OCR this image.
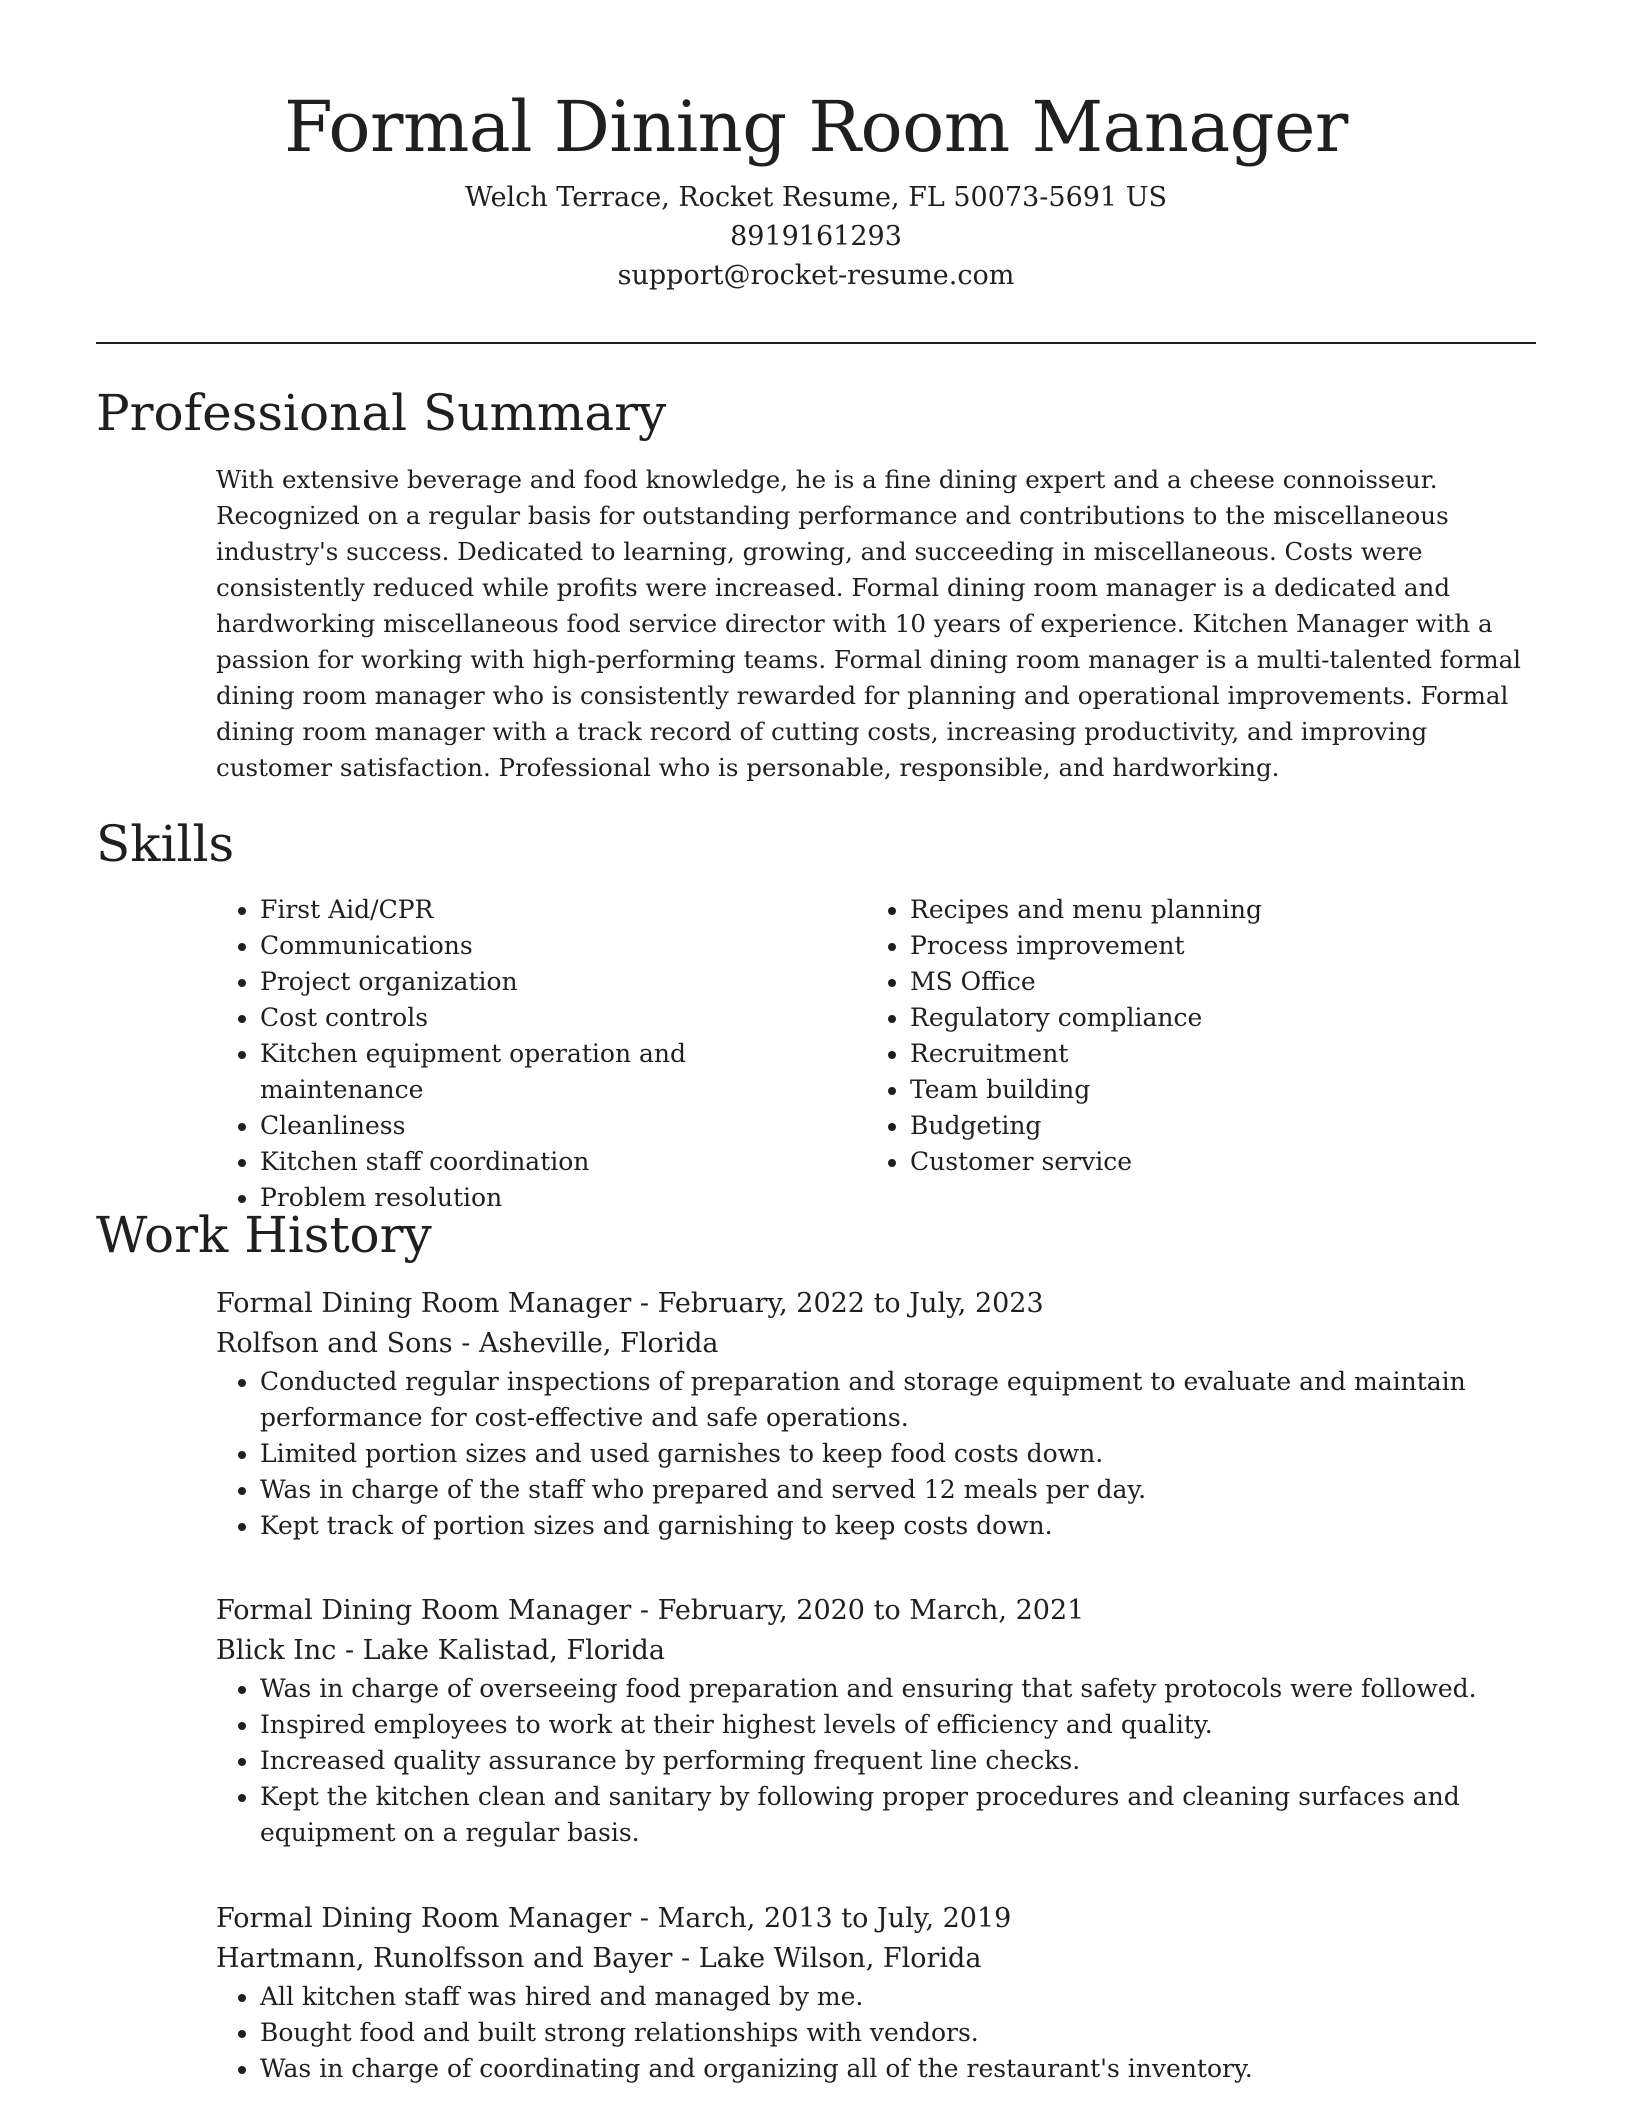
Formal Dining Room Manager

Welch Terrace, Rocket Resume, FL 50073-5691 US

8919161293

support@rocket-resume.com

Professional Summary

With extensive beverage and food knowledge, he is a fine dining expert and a cheese connoisseur. Recognized on a regular basis for outstanding performance and contributions to the miscellaneous industry's success. Dedicated to learning, growing, and succeeding in miscellaneous. Costs were consistently reduced while profits were increased. Formal dining room manager is a dedicated and hardworking miscellaneous food service director with 10 years of experience. Kitchen Manager with a passion for working with high-performing teams. Formal dining room manager is a multi-talented formal dining room manager who is consistently rewarded for planning and operational improvements. Formal dining room manager with a track record of cutting costs, increasing productivity, and improving customer satisfaction. Professional who is personable, responsible, and hardworking.

Skills
• First Aid/CPR
• Communications
• Project organization
• Cost controls
• Kitchen equipment operation and maintenance
• Cleanliness
• Kitchen staff coordination
• Problem resolution
• Recipes and menu planning
• Process improvement
• MS Office
• Regulatory compliance
• Recruitment
• Team building
• Budgeting
• Customer service
Work History

Formal Dining Room Manager - February, 2022 to July, 2023

Rolfson and Sons - Asheville, Florida

• Conducted regular inspections of preparation and storage equipment to evaluate and maintain performance for cost-effective and safe operations.
• Limited portion sizes and used garnishes to keep food costs down.
• Was in charge of the staff who prepared and served 12 meals per day.
• Kept track of portion sizes and garnishing to keep costs down.

Formal Dining Room Manager - February, 2020 to March, 2021

Blick Inc - Lake Kalistad, Florida

• Was in charge of overseeing food preparation and ensuring that safety protocols were followed.
• Inspired employees to work at their highest levels of efficiency and quality.
• Increased quality assurance by performing frequent line checks.
• Kept the kitchen clean and sanitary by following proper procedures and cleaning surfaces and equipment on a regular basis.

Formal Dining Room Manager - March, 2013 to July, 2019

Hartmann, Runolfsson and Bayer - Lake Wilson, Florida

• All kitchen staff was hired and managed by me.
• Bought food and built strong relationships with vendors.
• Was in charge of coordinating and organizing all of the restaurant's inventory.
